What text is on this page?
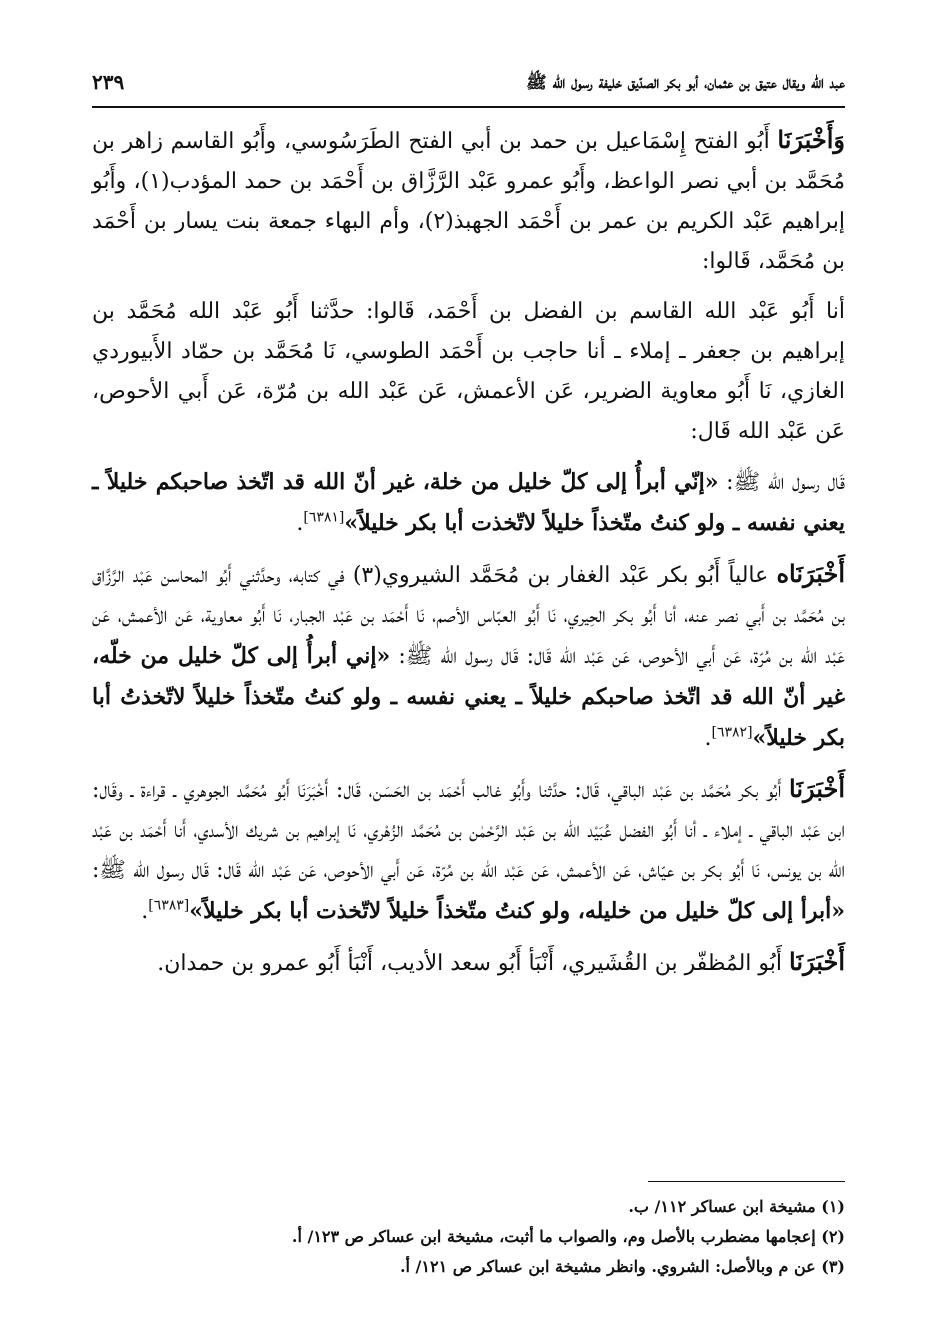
عبد الله ويقال عتيق بن عثمان، أبو بكر الصدّيق خليفة رسول الله ﷺ
٢٣٩

وَأَخْبَرَنَا أَبُو الفتح إِسْمَاعيل بن حمد بن أبي الفتح الطَرَسُوسي، وأَبُو القاسم زاهر بن مُحَمَّد بن أبي نصر الواعظ، وأَبُو عمرو عَبْد الرَّزَّاق بن أَحْمَد بن حمد المؤدب(١)، وأَبُو إبراهيم عَبْد الكريم بن عمر بن أَحْمَد الجهبذ(٢)، وأم البهاء جمعة بنت يسار بن أَحْمَد بن مُحَمَّد، قَالوا:

أنا أَبُو عَبْد الله القاسم بن الفضل بن أَحْمَد، قَالوا: حدَّثنا أَبُو عَبْد الله مُحَمَّد بن إبراهيم بن جعفر ـ إملاء ـ أنا حاجب بن أَحْمَد الطوسي، نَا مُحَمَّد بن حمّاد الأَبيوردي الغازي، نَا أَبُو معاوية الضرير، عَن الأعمش، عَن عَبْد الله بن مُرّة، عَن أَبي الأحوص، عَن عَبْد الله قَال:

قَال رسول الله ﷺ: «إنّي أبرأُ إلى كلّ خليل من خلة، غير أنّ الله قد اتّخذ صاحبكم خليلاً ـ يعني نفسه ـ ولو كنتُ متّخذاً خليلاً لاتّخذت أبا بكر خليلاً»[٦٣٨١].

أَخْبَرَنَاه عالياً أَبُو بكر عَبْد الغفار بن مُحَمَّد الشيروي(٣) في كتابه، وحدَّثني أَبُو المحاسن عَبْد الرَّزَّاق بن مُحَمَّد بن أَبي نصر عنه، أنا أَبُو بكر الحِيري، نَا أَبُو العبّاس الأصم، نَا أَحْمَد بن عَبْد الجبار، نَا أَبُو معاوية، عَن الأعمش، عَن عَبْد الله بن مُرّة، عَن أَبي الأحوص، عَن عَبْد الله قَال: قَال رسول الله ﷺ: «إني أبرأُ إلى كلّ خليل من خلّه، غير أنّ الله قد اتّخذ صاحبكم خليلاً ـ يعني نفسه ـ ولو كنتُ متّخذاً خليلاً لاتّخذتُ أبا بكر خليلاً»[٦٣٨٢].

أَخْبَرَنَا أَبُو بكر مُحَمَّد بن عَبْد الباقي، قَال: حدَّثنا وأَبُو غالب أَحْمَد بن الحَسَن، قَال: أَخْبَرَنَا أَبُو مُحَمَّد الجوهري ـ قراءة ـ وقَال: ابن عَبْد الباقي ـ إملاء ـ أنا أَبُو الفضل عُبَيْد الله بن عَبْد الرَّحْمٰن بن مُحَمَّد الزُهْري، نَا إبراهيم بن شريك الأسدي، أَنا أَحْمَد بن عَبْد الله بن يونس، نَا أَبُو بكر بن عيّاش، عَن الأعمش، عَن عَبْد الله بن مُرّة، عَن أَبي الأحوص، عَن عَبْد الله قَال: قَال رسول الله ﷺ: «أبرأ إلى كلّ خليل من خليله، ولو كنتُ متّخذاً خليلاً لاتّخذت أبا بكر خليلاً»[٦٣٨٣].

أَخْبَرَنَا أَبُو المُظفّر بن القُشَيري، أَنْبَأ أَبُو سعد الأديب، أَنْبَأ أَبُو عمرو بن حمدان.

(١) مشيخة ابن عساكر ١١٢/ ب.
(٢) إعجامها مضطرب بالأصل وم، والصواب ما أثبت، مشيخة ابن عساكر ص ١٢٣/ أ.
(٣) عن م وبالأصل: الشروي. وانظر مشيخة ابن عساكر ص ١٢١/ أ.
